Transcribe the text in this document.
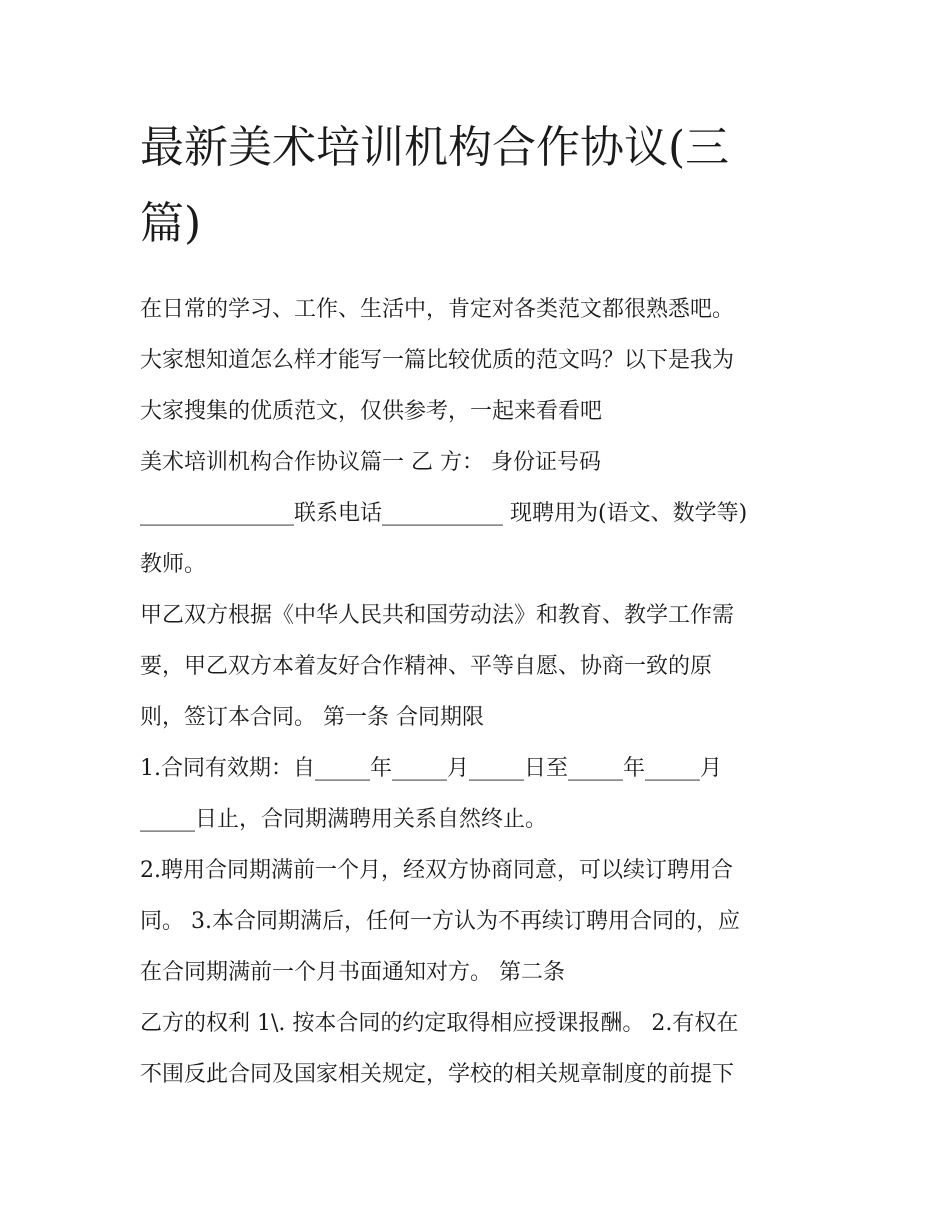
最新美术培训机构合作协议(三
篇)

在日常的学习、工作、生活中，肯定对各类范文都很熟悉吧。
大家想知道怎么样才能写一篇比较优质的范文吗？以下是我为
大家搜集的优质范文，仅供参考，一起来看看吧

美术培训机构合作协议篇一 乙 方： 身份证号码
______________联系电话___________ 现聘用为(语文、数学等)
教师。

甲乙双方根据《中华人民共和国劳动法》和教育、教学工作需
要，甲乙双方本着友好合作精神、平等自愿、协商一致的原
则，签订本合同。 第一条 合同期限

1.合同有效期：自_____年_____月_____日至_____年_____月
_____日止，合同期满聘用关系自然终止。

2.聘用合同期满前一个月，经双方协商同意，可以续订聘用合
同。 3.本合同期满后，任何一方认为不再续订聘用合同的，应
在合同期满前一个月书面通知对方。 第二条

乙方的权利 1\. 按本合同的约定取得相应授课报酬。 2.有权在
不围反此合同及国家相关规定，学校的相关规章制度的前提下
